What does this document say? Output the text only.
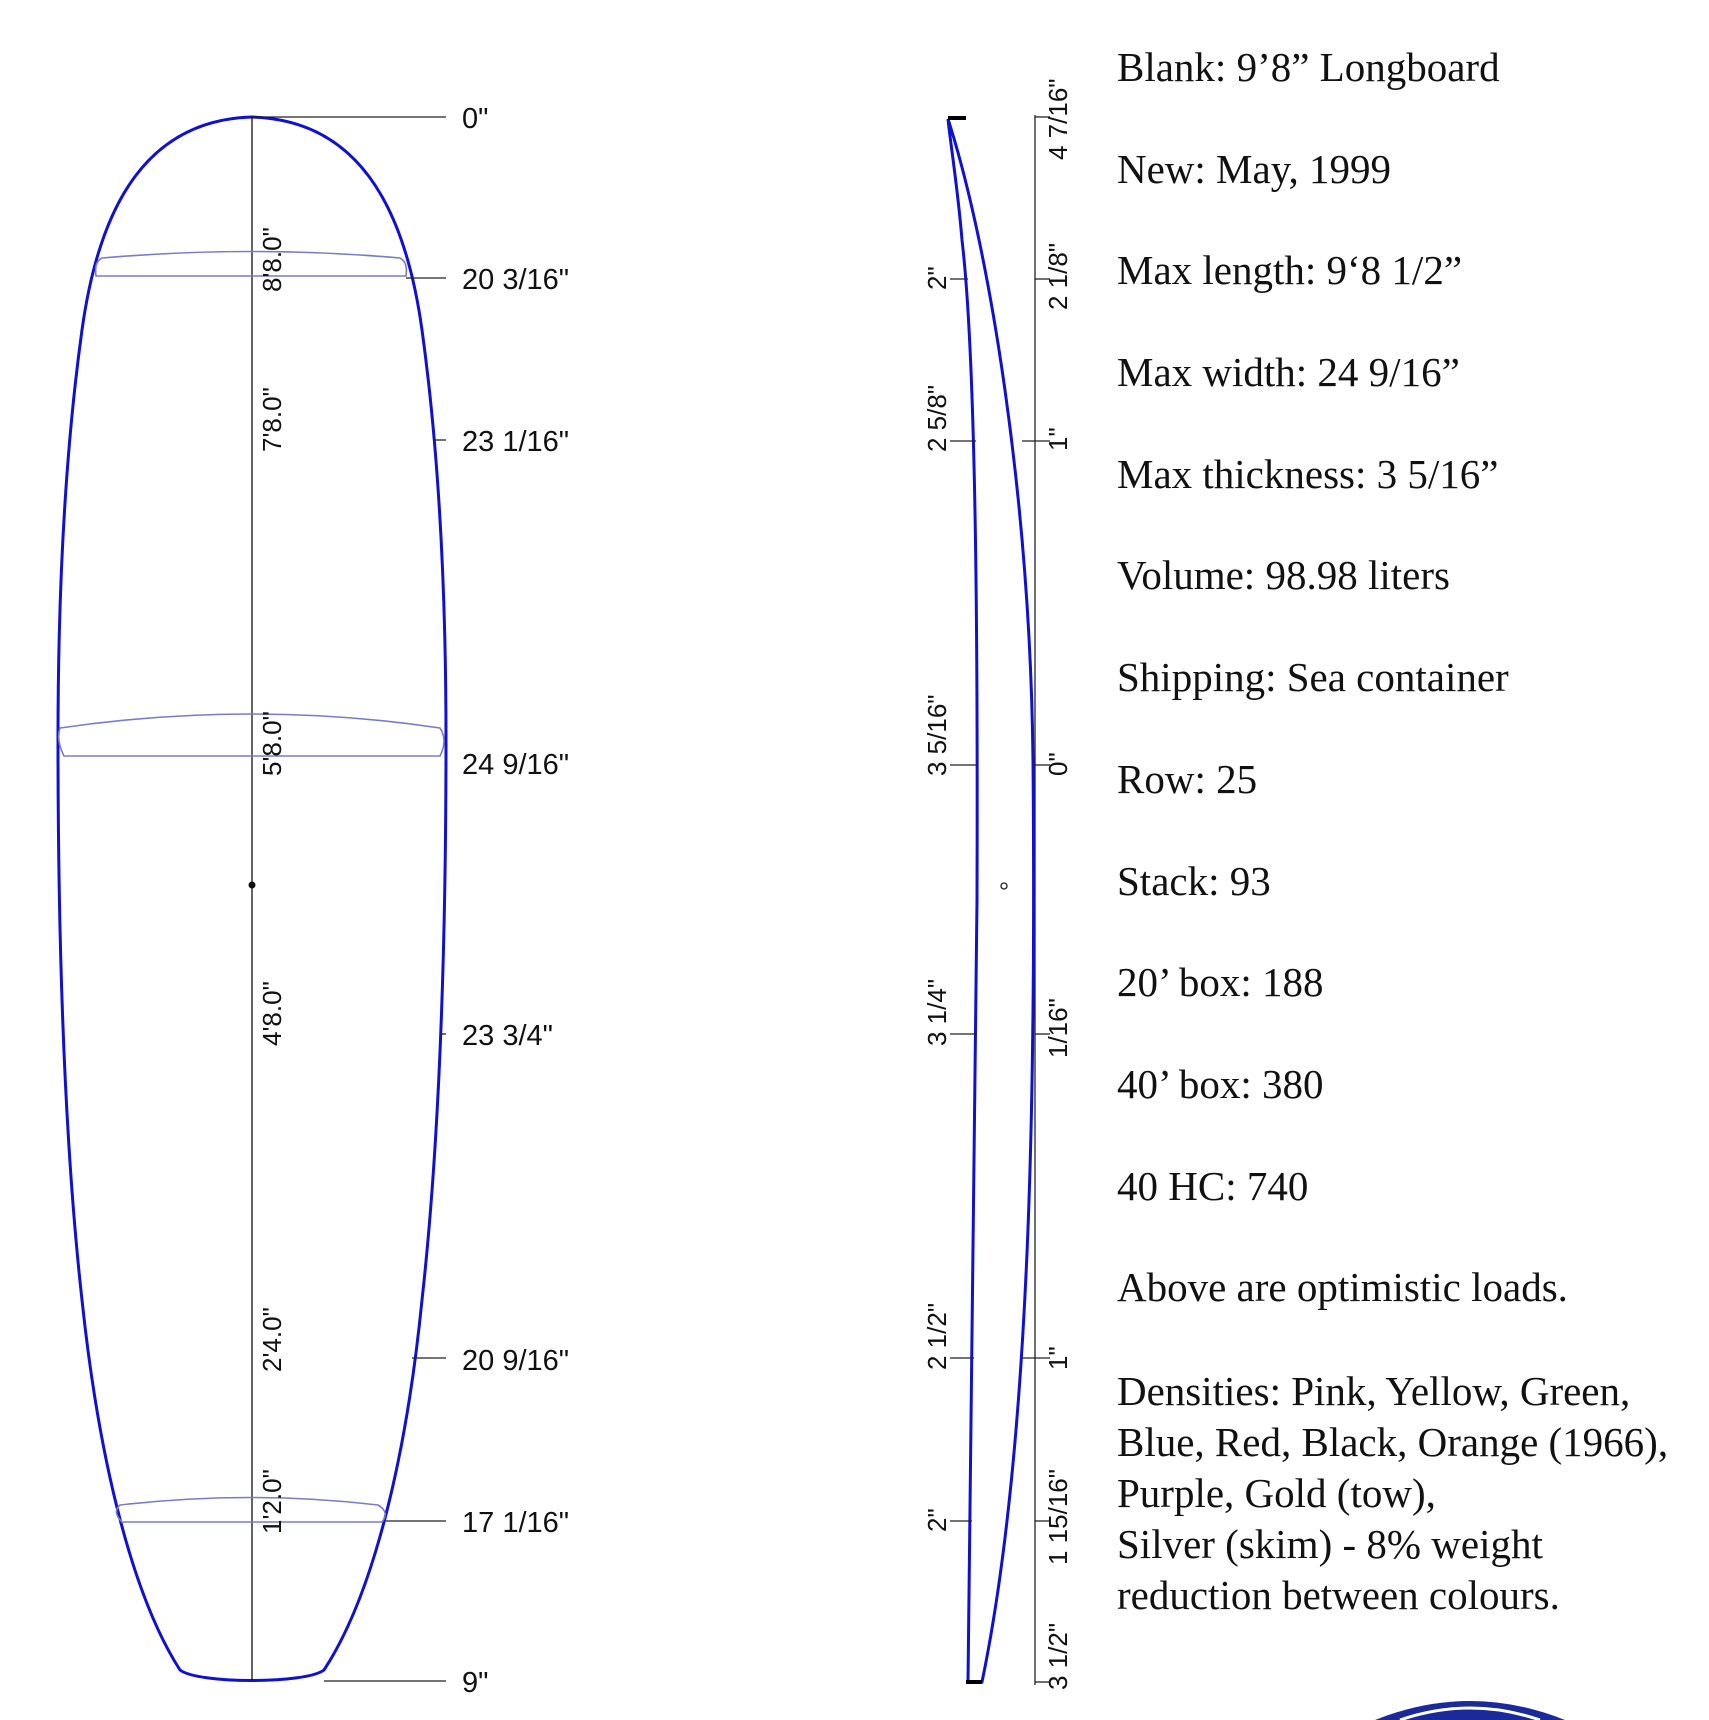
0"
20 3/16"
23 1/16"
24 9/16"
23 3/4"
20 9/16"
17 1/16"
9"
8'8.0"
7'8.0"
5'8.0"
4'8.0"
2'4.0"
1'2.0"
4 7/16"
2 1/8"
1"
0"
1/16"
1"
1 15/16"
3 1/2"
2"
2 5/8"
3 5/16"
3 1/4"
2 1/2"
2"
Blank: 9’8” Longboard
New: May, 1999
Max length: 9‘8 1/2”
Max width: 24 9/16”
Max thickness: 3 5/16”
Volume: 98.98 liters
Shipping: Sea container
Row: 25
Stack: 93
20’ box: 188
40’ box: 380
40 HC: 740
Above are optimistic loads.
Densities: Pink, Yellow, Green,
Blue, Red, Black, Orange (1966),
Purple, Gold (tow),
Silver (skim) - 8% weight
reduction between colours.
